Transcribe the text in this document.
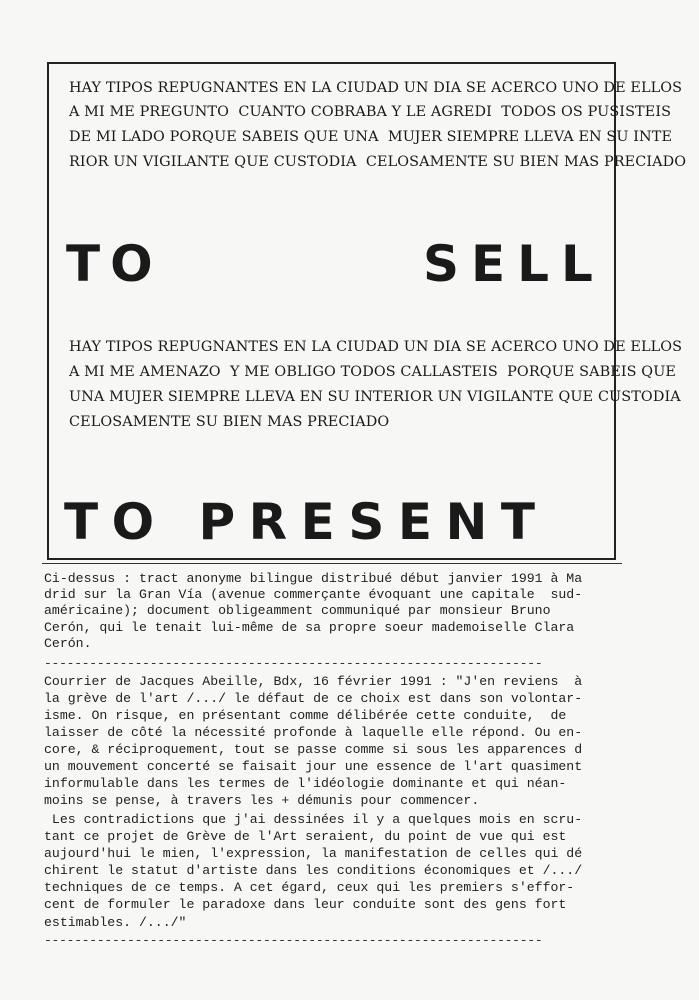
HAY TIPOS REPUGNANTES EN LA CIUDAD UN DIA SE ACERCO UNO DE ELLOS
A MI ME PREGUNTO  CUANTO COBRABA Y LE AGREDI  TODOS OS PUSISTEIS
DE MI LADO PORQUE SABEIS QUE UNA  MUJER SIEMPRE LLEVA EN SU INTE
RIOR UN VIGILANTE QUE CUSTODIA  CELOSAMENTE SU BIEN MAS PRECIADO
TO	SELL
HAY TIPOS REPUGNANTES EN LA CIUDAD UN DIA SE ACERCO UNO DE ELLOS
A MI ME AMENAZO  Y ME OBLIGO TODOS CALLASTEIS  PORQUE SABEIS QUE
UNA MUJER SIEMPRE LLEVA EN SU INTERIOR UN VIGILANTE QUE CUSTODIA
CELOSAMENTE SU BIEN MAS PRECIADO
TO PRESENT
Ci-dessus : tract anonyme bilingue distribué début janvier 1991 à Ma
drid sur la Gran Vía (avenue commerçante évoquant une capitale  sud-
américaine); document obligeamment communiqué par monsieur Bruno
Cerón, qui le tenait lui-même de sa propre soeur mademoiselle Clara
Cerón.
------------------------------------------------------------------
Courrier de Jacques Abeille, Bdx, 16 février 1991 : "J'en reviens  à
la grève de l'art /.../ le défaut de ce choix est dans son volontar-
isme. On risque, en présentant comme délibérée cette conduite,  de
laisser de côté la nécessité profonde à laquelle elle répond. Ou en-
core, & réciproquement, tout se passe comme si sous les apparences d
un mouvement concerté se faisait jour une essence de l'art quasiment
informulable dans les termes de l'idéologie dominante et qui néan-
moins se pense, à travers les + démunis pour commencer.
Les contradictions que j'ai dessinées il y a quelques mois en scru-
tant ce projet de Grève de l'Art seraient, du point de vue qui est
aujourd'hui le mien, l'expression, la manifestation de celles qui dé
chirent le statut d'artiste dans les conditions économiques et /.../
techniques de ce temps. A cet égard, ceux qui les premiers s'effor-
cent de formuler le paradoxe dans leur conduite sont des gens fort
estimables. /.../"
------------------------------------------------------------------
